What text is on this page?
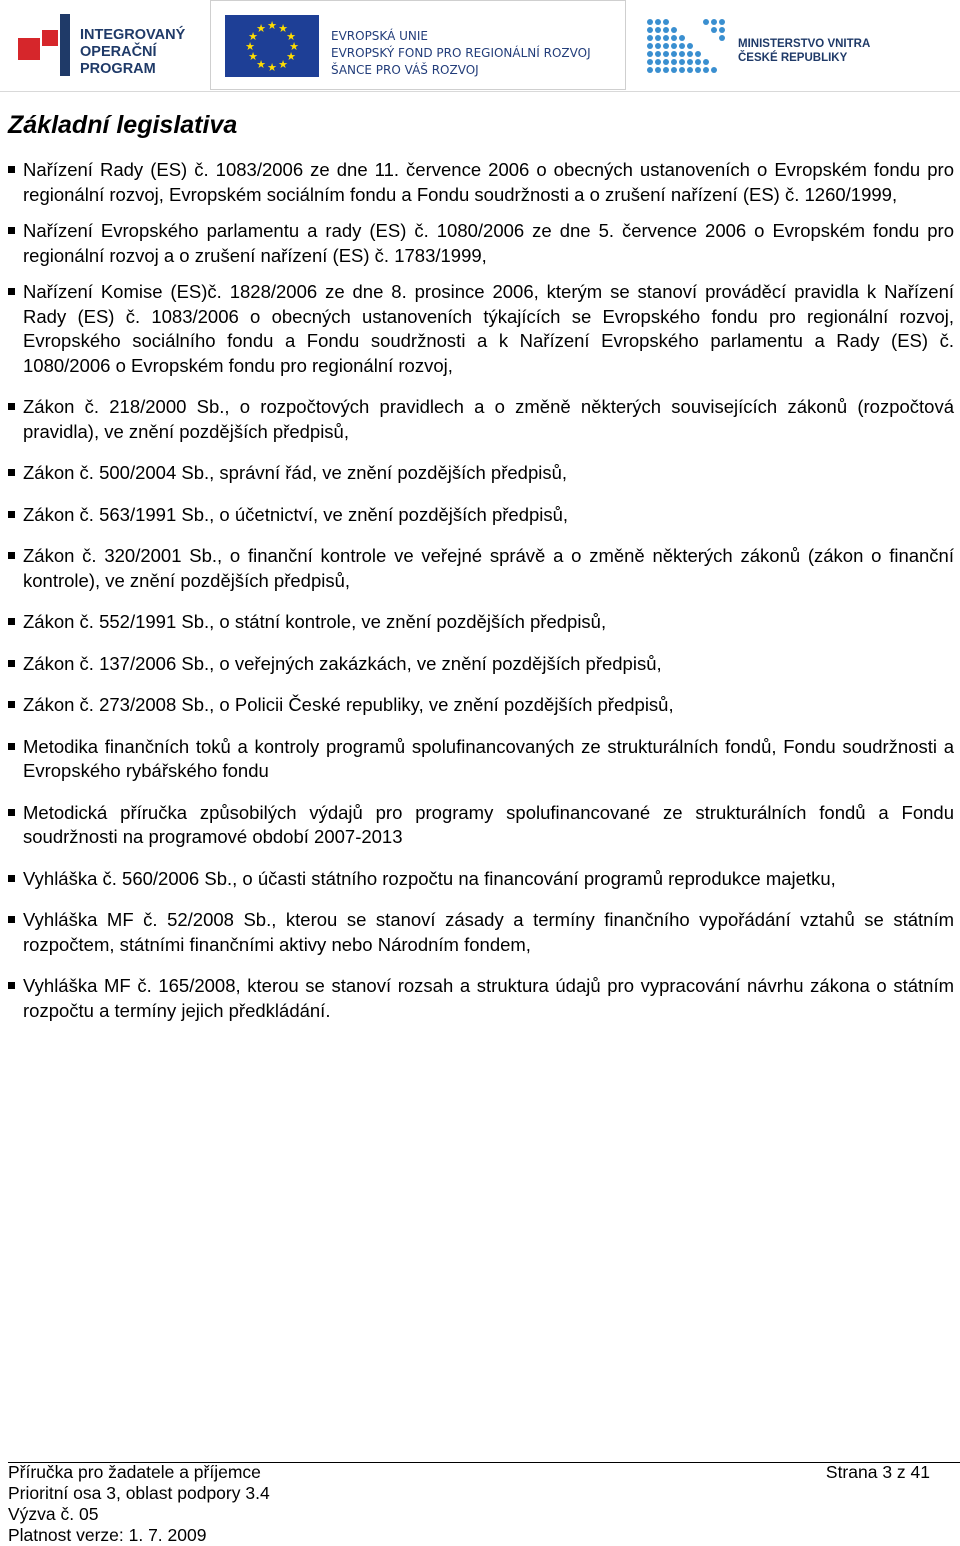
INTEGROVANÝ
OPERAČNÍ
PROGRAM
★ ★
★
★
★
★
★
★
★
★
★
★
EVROPSKÁ UNIE
EVROPSKÝ FOND PRO REGIONÁLNÍ ROZVOJ
ŠANCE PRO VÁŠ ROZVOJ
MINISTERSTVO VNITRA
ČESKÉ REPUBLIKY
Základní legislativa
Nařízení Rady (ES) č. 1083/2006 ze dne 11. července 2006 o obecných ustanoveních o Evropském fondu pro regionální rozvoj, Evropském sociálním fondu a Fondu soudržnosti a o zrušení nařízení (ES) č. 1260/1999,
Nařízení Evropského parlamentu a rady (ES) č. 1080/2006 ze dne 5. července 2006 o Evropském fondu pro regionální rozvoj a o zrušení nařízení (ES) č. 1783/1999,
Nařízení Komise (ES)č. 1828/2006 ze dne 8. prosince 2006, kterým se stanoví prováděcí pravidla k Nařízení Rady (ES) č. 1083/2006 o obecných ustanoveních týkajících se Evropského fondu pro regionální rozvoj, Evropského sociálního fondu a Fondu soudržnosti a k Nařízení Evropského parlamentu a Rady (ES) č. 1080/2006 o Evropském fondu pro regionální rozvoj,
Zákon č. 218/2000 Sb., o rozpočtových pravidlech a o změně některých souvisejících zákonů (rozpočtová pravidla), ve znění pozdějších předpisů,
Zákon č. 500/2004 Sb., správní řád, ve znění pozdějších předpisů,
Zákon č. 563/1991 Sb., o účetnictví, ve znění pozdějších předpisů,
Zákon č. 320/2001 Sb., o finanční kontrole ve veřejné správě a o změně některých zákonů (zákon o finanční kontrole), ve znění pozdějších předpisů,
Zákon č. 552/1991 Sb., o státní kontrole, ve znění pozdějších předpisů,
Zákon č. 137/2006 Sb., o veřejných zakázkách, ve znění pozdějších předpisů,
Zákon č. 273/2008 Sb., o Policii České republiky, ve znění pozdějších předpisů,
Metodika finančních toků a kontroly programů spolufinancovaných ze strukturálních fondů, Fondu soudržnosti a Evropského rybářského fondu
Metodická příručka způsobilých výdajů pro programy spolufinancované ze strukturálních fondů a Fondu soudržnosti na programové období 2007-2013
Vyhláška č. 560/2006 Sb., o účasti státního rozpočtu na financování programů reprodukce majetku,
Vyhláška MF č. 52/2008 Sb., kterou se stanoví zásady a termíny finančního vypořádání vztahů se státním rozpočtem, státními finančními aktivy nebo Národním fondem,
Vyhláška MF č. 165/2008, kterou se stanoví rozsah a struktura údajů pro vypracování návrhu zákona o státním rozpočtu a termíny jejich předkládání.
Příručka pro žadatele a příjemce	Strana 3 z 41
Prioritní osa 3, oblast podpory 3.4
Výzva č. 05
Platnost verze: 1. 7. 2009
